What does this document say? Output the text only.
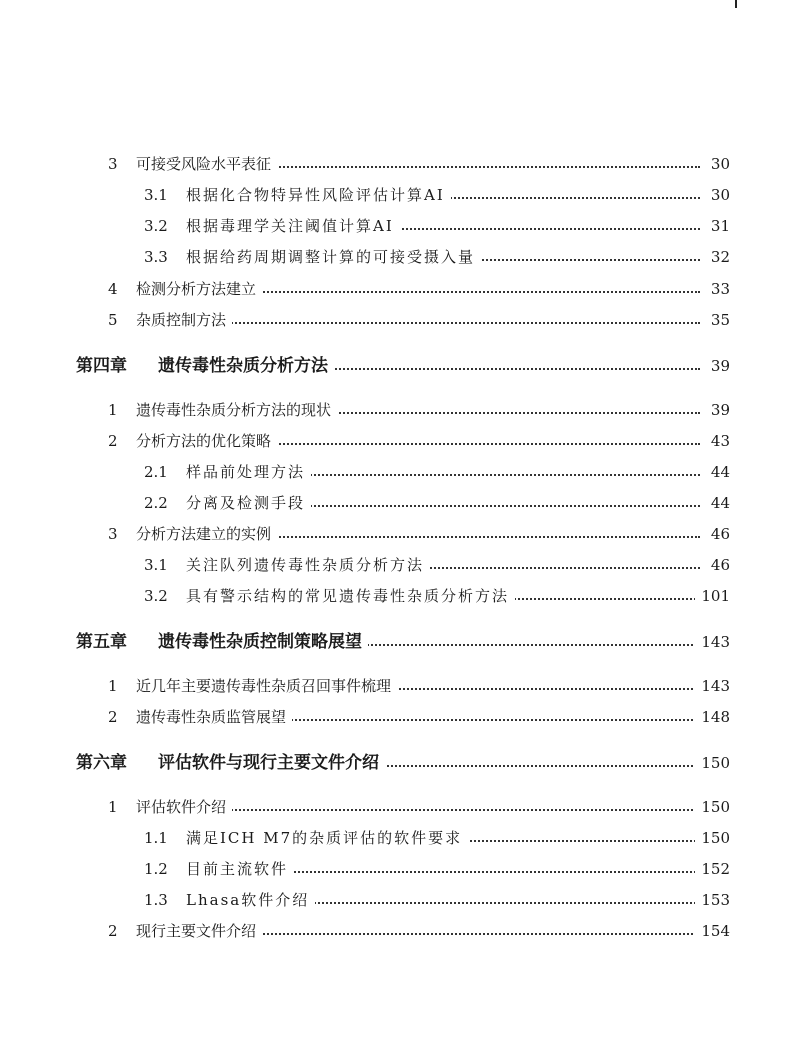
3 可接受风险水平表征	30
3.1 根据化合物特异性风险评估计算AI	30
3.2 根据毒理学关注阈值计算AI	31
3.3 根据给药周期调整计算的可接受摄入量	32
4 检测分析方法建立	33
5 杂质控制方法	35
第四章 遗传毒性杂质分析方法	39
1 遗传毒性杂质分析方法的现状	39
2 分析方法的优化策略	43
2.1 样品前处理方法	44
2.2 分离及检测手段	44
3 分析方法建立的实例	46
3.1 关注队列遗传毒性杂质分析方法	46
3.2 具有警示结构的常见遗传毒性杂质分析方法	101
第五章 遗传毒性杂质控制策略展望	143
1 近几年主要遗传毒性杂质召回事件梳理	143
2 遗传毒性杂质监管展望	148
第六章 评估软件与现行主要文件介绍	150
1 评估软件介绍	150
1.1 满足ICH M7的杂质评估的软件要求	150
1.2 目前主流软件	152
1.3 Lhasa软件介绍	153
2 现行主要文件介绍	154
